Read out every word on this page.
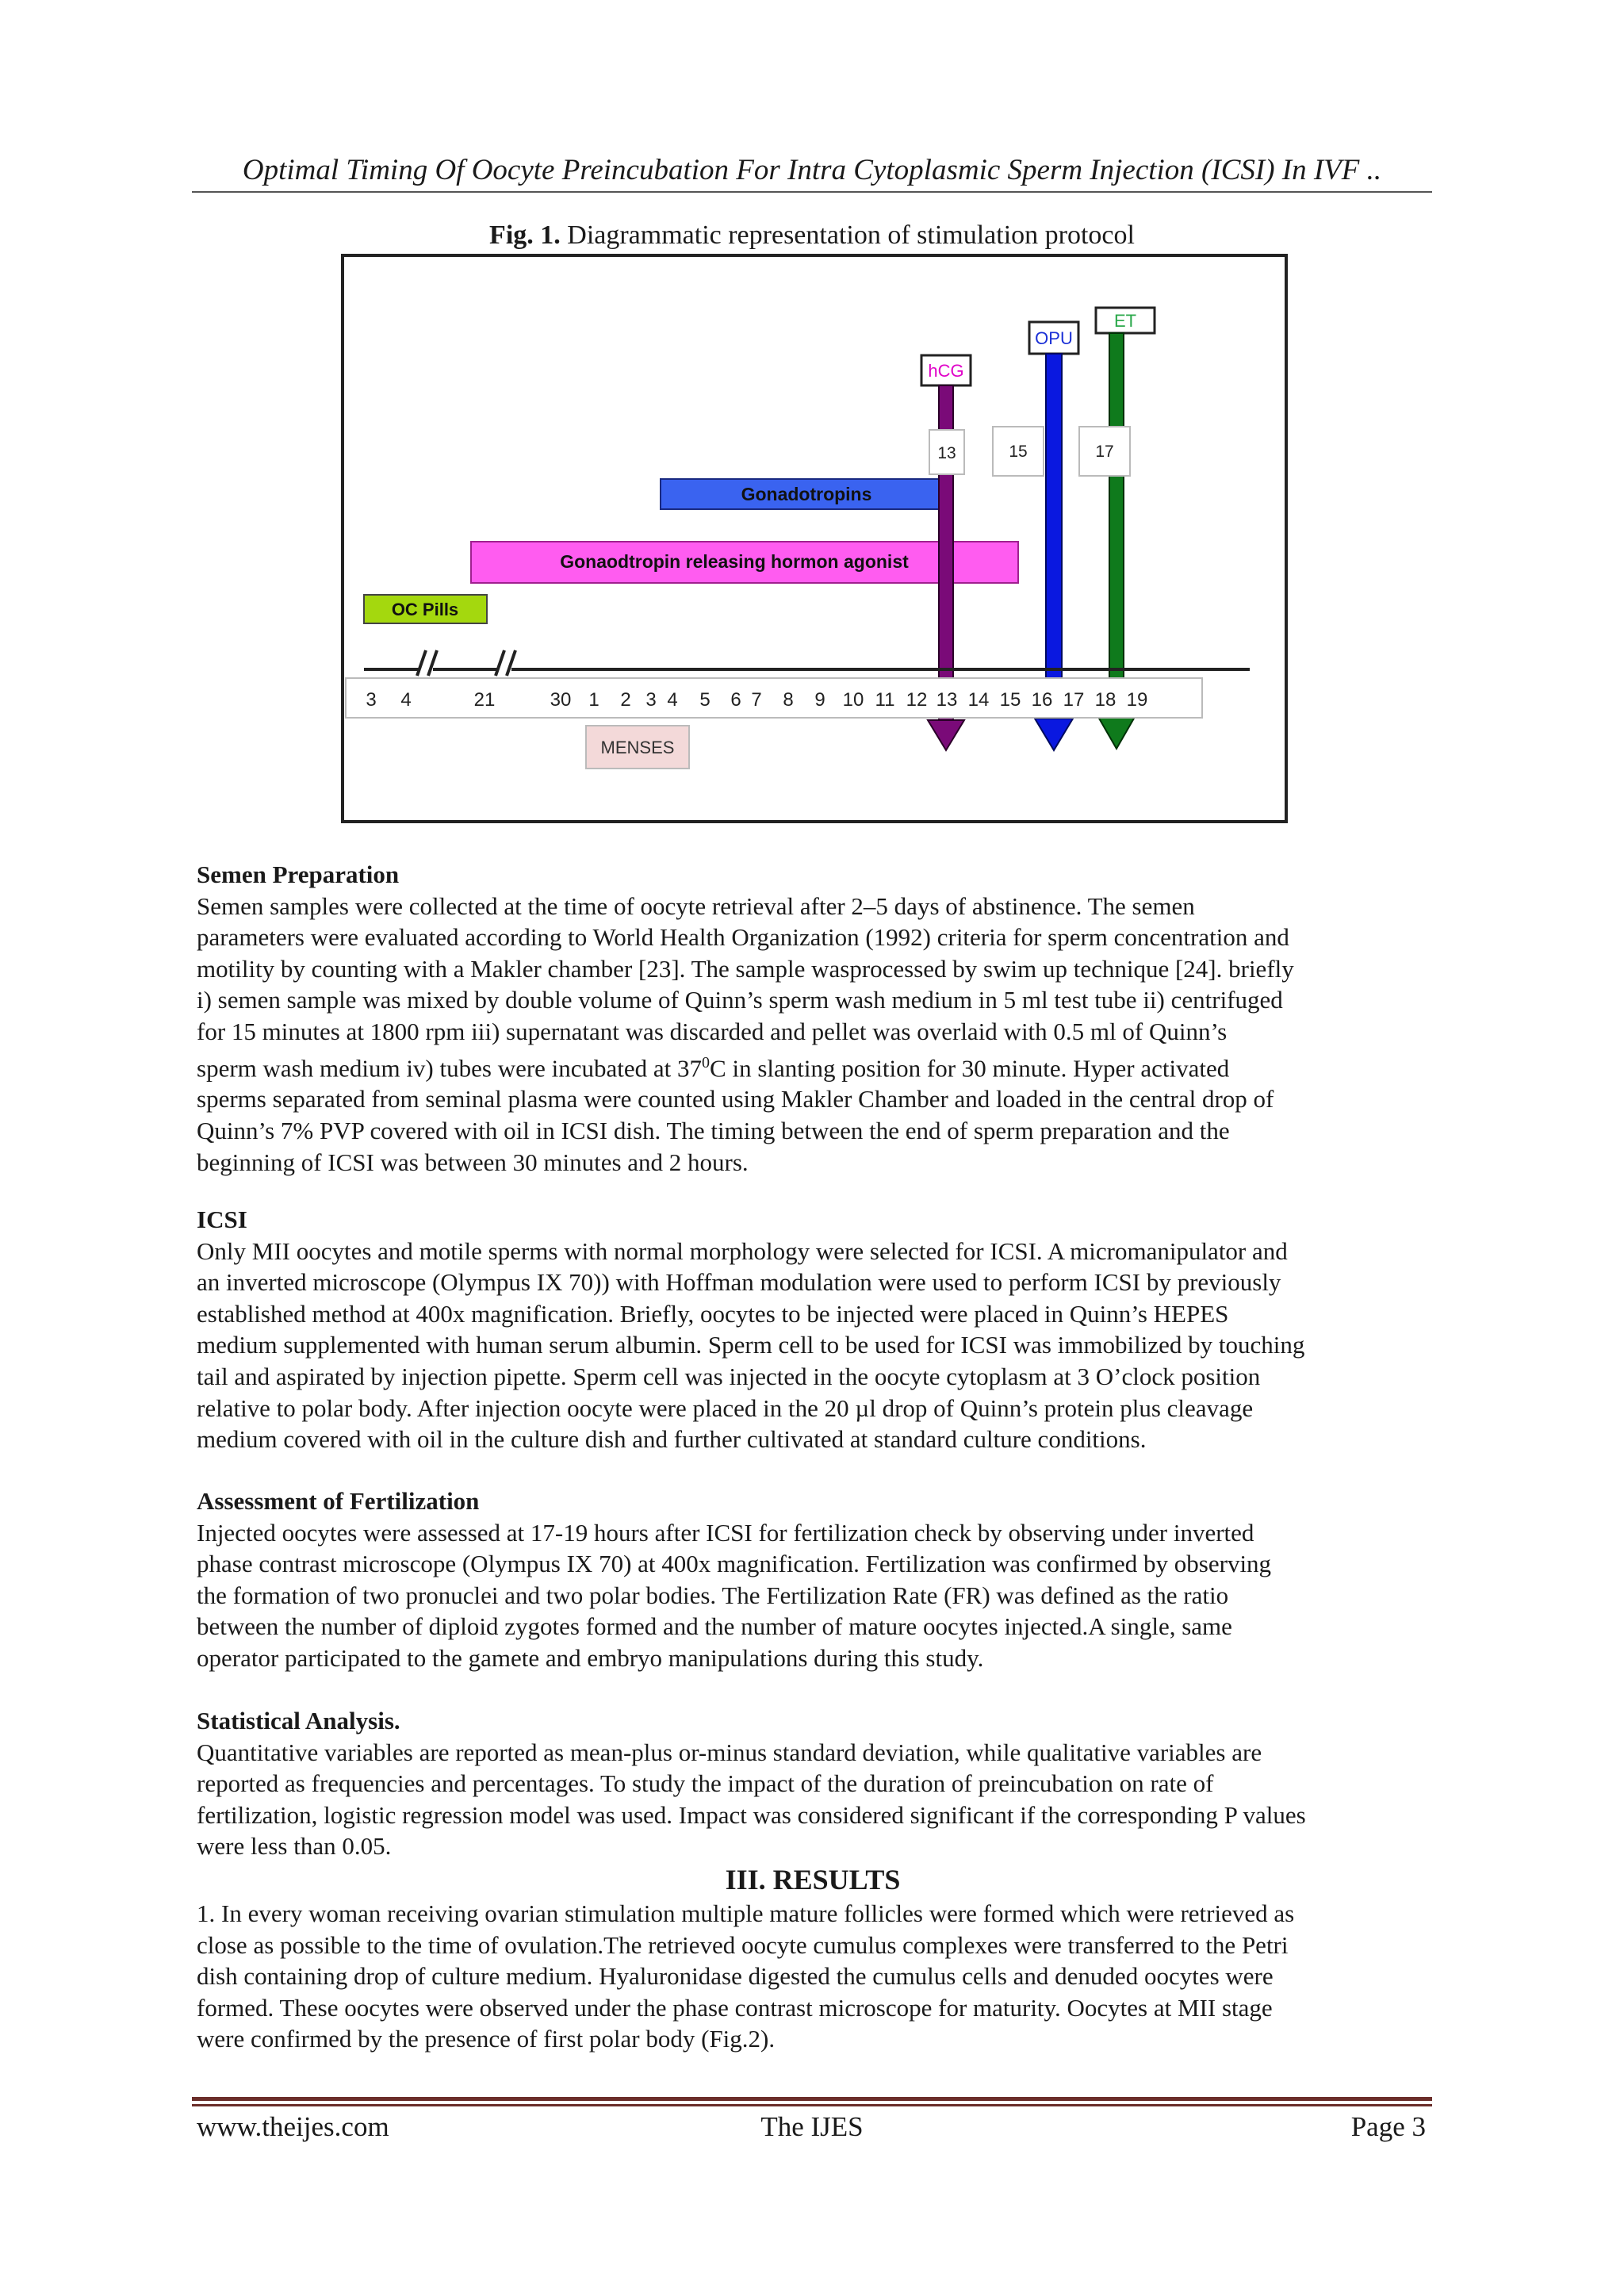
Optimal Timing Of Oocyte Preincubation For Intra Cytoplasmic Sperm Injection (ICSI) In IVF ..
Fig. 1. Diagrammatic representation of stimulation protocol
Gonadotropins
Gonaodtropin releasing hormon agonist
OC Pills
hCG
13
OPU
15
ET
17
3 4	21	30 1 2 3 4 5 6 7 8 9 10 11 12 13 14 15 16 17 18 19
MENSES

Semen Preparation

Semen samples were collected at the time of oocyte retrieval after 2–5 days of abstinence. The semen

parameters were evaluated according to World Health Organization (1992) criteria for sperm concentration and

motility by counting with a Makler chamber [23]. The sample wasprocessed by swim up technique [24]. briefly

i) semen sample was mixed by double volume of Quinn’s sperm wash medium in 5 ml test tube ii) centrifuged

for 15 minutes at 1800 rpm iii) supernatant was discarded and pellet was overlaid with 0.5 ml of Quinn’s

sperm wash medium iv) tubes were incubated at $37^0C$ in slanting position for 30 minute. Hyper activated

sperms separated from seminal plasma were counted using Makler Chamber and loaded in the central drop of

Quinn’s 7% PVP covered with oil in ICSI dish. The timing between the end of sperm preparation and the

beginning of ICSI was between 30 minutes and 2 hours.

ICSI

Only MII oocytes and motile sperms with normal morphology were selected for ICSI. A micromanipulator and

an inverted microscope (Olympus IX 70)) with Hoffman modulation were used to perform ICSI by previously

established method at 400x magnification. Briefly, oocytes to be injected were placed in Quinn’s HEPES

medium supplemented with human serum albumin. Sperm cell to be used for ICSI was immobilized by touching

tail and aspirated by injection pipette. Sperm cell was injected in the oocyte cytoplasm at 3 O’clock position

relative to polar body. After injection oocyte were placed in the 20 µl drop of Quinn’s protein plus cleavage

medium covered with oil in the culture dish and further cultivated at standard culture conditions.

Assessment of Fertilization

Injected oocytes were assessed at 17-19 hours after ICSI for fertilization check by observing under inverted

phase contrast microscope (Olympus IX 70) at 400x magnification. Fertilization was confirmed by observing

the formation of two pronuclei and two polar bodies. The Fertilization Rate (FR) was defined as the ratio

between the number of diploid zygotes formed and the number of mature oocytes injected.A single, same

operator participated to the gamete and embryo manipulations during this study.

Statistical Analysis.

Quantitative variables are reported as mean-plus or-minus standard deviation, while qualitative variables are

reported as frequencies and percentages. To study the impact of the duration of preincubation on rate of

fertilization, logistic regression model was used. Impact was considered significant if the corresponding P values

were less than 0.05.

III. RESULTS

1. In every woman receiving ovarian stimulation multiple mature follicles were formed which were retrieved as

close as possible to the time of ovulation.The retrieved oocyte cumulus complexes were transferred to the Petri

dish containing drop of culture medium. Hyaluronidase digested the cumulus cells and denuded oocytes were

formed. These oocytes were observed under the phase contrast microscope for maturity. Oocytes at MII stage

were confirmed by the presence of first polar body (Fig.2).

www.theijes.com	The IJES	Page 3
